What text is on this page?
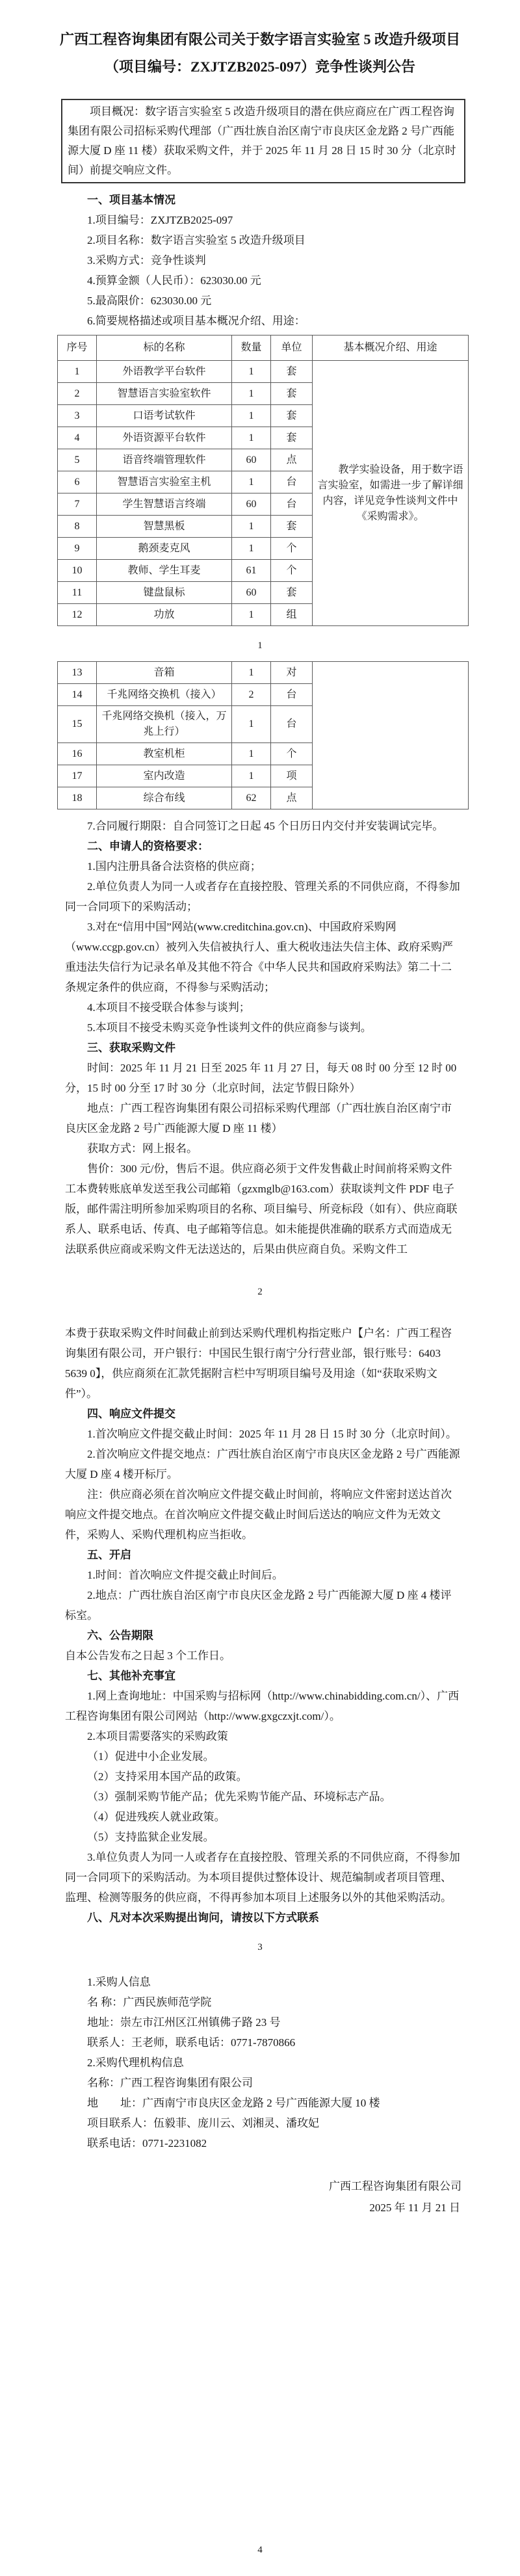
广西工程咨询集团有限公司关于数字语言实验室 5 改造升级项目
（项目编号：ZXJTZB2025-097）竞争性谈判公告

项目概况：数字语言实验室 5 改造升级项目的潜在供应商应在广西工程咨询集团有限公司招标采购代理部（广西壮族自治区南宁市良庆区金龙路 2 号广西能源大厦 D 座 11 楼）获取采购文件，并于 2025 年 11 月 28 日 15 时 30 分（北京时间）前提交响应文件。

一、项目基本情况

1.项目编号：ZXJTZB2025-097

2.项目名称：数字语言实验室 5 改造升级项目

3.采购方式：竞争性谈判

4.预算金额（人民币）：623030.00 元

5.最高限价：623030.00 元

6.简要规格描述或项目基本概况介绍、用途：

序号	标的名称	数量	单位	基本概况介绍、用途
1	外语教学平台软件	1	套	教学实验设备，用于数字语言实验室，如需进一步了解详细内容，详见竞争性谈判文件中《采购需求》。
2	智慧语言实验室软件	1	套	
3	口语考试软件	1	套	
4	外语资源平台软件	1	套	
5	语音终端管理软件	60	点	
6	智慧语言实验室主机	1	台	
7	学生智慧语言终端	60	台	
8	智慧黑板	1	套	
9	鹅颈麦克风	1	个	
10	教师、学生耳麦	61	个	
11	键盘鼠标	60	套	
12	功放	1	组	

1

13	音箱	1	对	
14	千兆网络交换机（接入）	2	台	
15	千兆网络交换机（接入，万兆上行）	1	台	
16	教室机柜	1	个	
17	室内改造	1	项	
18	综合布线	62	点	

7.合同履行期限：自合同签订之日起 45 个日历日内交付并安装调试完毕。

二、申请人的资格要求：

1.国内注册具备合法资格的供应商；

2.单位负责人为同一人或者存在直接控股、管理关系的不同供应商，不得参加同一合同项下的采购活动；

3.对在“信用中国”网站(www.creditchina.gov.cn)、中国政府采购网（www.ccgp.gov.cn）被列入失信被执行人、重大税收违法失信主体、政府采购严重违法失信行为记录名单及其他不符合《中华人民共和国政府采购法》第二十二条规定条件的供应商，不得参与采购活动；

4.本项目不接受联合体参与谈判；

5.本项目不接受未购买竞争性谈判文件的供应商参与谈判。

三、获取采购文件

时间：2025 年 11 月 21 日至 2025 年 11 月 27 日，每天 08 时 00 分至 12 时 00 分，15 时 00 分至 17 时 30 分（北京时间，法定节假日除外）

地点：广西工程咨询集团有限公司招标采购代理部（广西壮族自治区南宁市良庆区金龙路 2 号广西能源大厦 D 座 11 楼）

获取方式：网上报名。

售价：300 元/份，售后不退。供应商必须于文件发售截止时间前将采购文件工本费转账底单发送至我公司邮箱（gzxmglb@163.com）获取谈判文件 PDF 电子版，邮件需注明所参加采购项目的名称、项目编号、所竞标段（如有）、供应商联系人、联系电话、传真、电子邮箱等信息。如未能提供准确的联系方式而造成无法联系供应商或采购文件无法送达的，后果由供应商自负。采购文件工

2

本费于获取采购文件时间截止前到达采购代理机构指定账户【户名：广西工程咨询集团有限公司，开户银行：中国民生银行南宁分行营业部，银行账号：6403 5639 0】，供应商须在汇款凭据附言栏中写明项目编号及用途（如“获取采购文件”）。

四、响应文件提交

1.首次响应文件提交截止时间：2025 年 11 月 28 日 15 时 30 分（北京时间）。

2.首次响应文件提交地点：广西壮族自治区南宁市良庆区金龙路 2 号广西能源大厦 D 座 4 楼开标厅。

注：供应商必须在首次响应文件提交截止时间前，将响应文件密封送达首次响应文件提交地点。在首次响应文件提交截止时间后送达的响应文件为无效文件，采购人、采购代理机构应当拒收。

五、开启

1.时间：首次响应文件提交截止时间后。

2.地点：广西壮族自治区南宁市良庆区金龙路 2 号广西能源大厦 D 座 4 楼评标室。

六、公告期限

自本公告发布之日起 3 个工作日。

七、其他补充事宜

1.网上查询地址：中国采购与招标网（http://www.chinabidding.com.cn/）、广西工程咨询集团有限公司网站（http://www.gxgczxjt.com/）。

2.本项目需要落实的采购政策

（1）促进中小企业发展。

（2）支持采用本国产品的政策。

（3）强制采购节能产品；优先采购节能产品、环境标志产品。

（4）促进残疾人就业政策。

（5）支持监狱企业发展。

3.单位负责人为同一人或者存在直接控股、管理关系的不同供应商，不得参加同一合同项下的采购活动。为本项目提供过整体设计、规范编制或者项目管理、监理、检测等服务的供应商，不得再参加本项目上述服务以外的其他采购活动。

八、凡对本次采购提出询问，请按以下方式联系

3

1.采购人信息

名 称：广西民族师范学院

地址：崇左市江州区江州镇佛子路 23 号

联系人：王老师，联系电话：0771-7870866

2.采购代理机构信息

名称：广西工程咨询集团有限公司

地　　址：广西南宁市良庆区金龙路 2 号广西能源大厦 10 楼

项目联系人：伍毅菲、庞川云、刘湘灵、潘玫妃

联系电话：0771-2231082

广西工程咨询集团有限公司

2025 年 11 月 21 日

4
